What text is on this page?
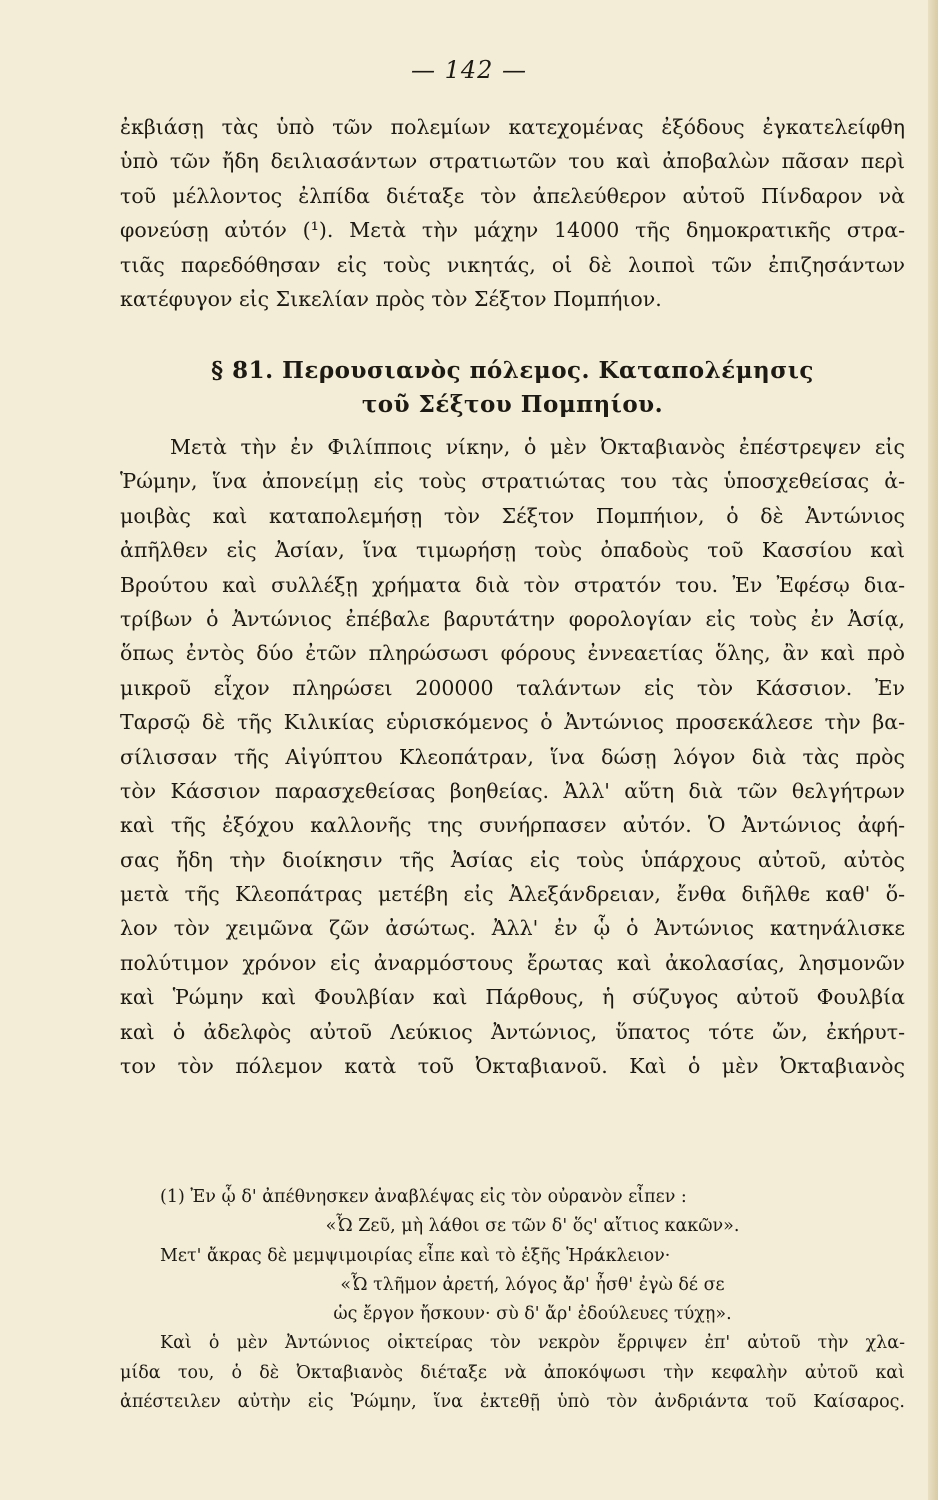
— 142 —
ἐκβιάσῃ τὰς ὑπὸ τῶν πολεμίων κατεχομένας ἐξόδους ἐγκατελείφθη
ὑπὸ τῶν ἤδη δειλιασάντων στρατιωτῶν του καὶ ἀποβαλὼν πᾶσαν περὶ
τοῦ μέλλοντος ἐλπίδα διέταξε τὸν ἀπελεύθερον αὐτοῦ Πίνδαρον νὰ
φονεύσῃ αὐτόν (¹). Μετὰ τὴν μάχην 14000 τῆς δημοκρατικῆς στρα-
τιᾶς παρεδόθησαν εἰς τοὺς νικητάς, οἱ δὲ λοιποὶ τῶν ἐπιζησάντων
κατέφυγον εἰς Σικελίαν πρὸς τὸν Σέξτον Πομπήιον.
§ 81. Περουσιανὸς πόλεμος. Καταπολέμησις
τοῦ Σέξτου Πομπηίου.
Μετὰ τὴν ἐν Φιλίπποις νίκην, ὁ μὲν Ὀκταβιανὸς ἐπέστρεψεν εἰς
Ῥώμην, ἵνα ἀπονείμῃ εἰς τοὺς στρατιώτας του τὰς ὑποσχεθείσας ἀ-
μοιβὰς καὶ καταπολεμήσῃ τὸν Σέξτον Πομπήιον, ὁ δὲ Ἀντώνιος
ἀπῆλθεν εἰς Ἀσίαν, ἵνα τιμωρήσῃ τοὺς ὀπαδοὺς τοῦ Κασσίου καὶ
Βρούτου καὶ συλλέξῃ χρήματα διὰ τὸν στρατόν του. Ἐν Ἐφέσῳ δια-
τρίβων ὁ Ἀντώνιος ἐπέβαλε βαρυτάτην φορολογίαν εἰς τοὺς ἐν Ἀσίᾳ,
ὅπως ἐντὸς δύο ἐτῶν πληρώσωσι φόρους ἐννεαετίας ὅλης, ἂν καὶ πρὸ
μικροῦ εἶχον πληρώσει 200000 ταλάντων εἰς τὸν Κάσσιον. Ἐν
Ταρσῷ δὲ τῆς Κιλικίας εὑρισκόμενος ὁ Ἀντώνιος προσεκάλεσε τὴν βα-
σίλισσαν τῆς Αἰγύπτου Κλεοπάτραν, ἵνα δώσῃ λόγον διὰ τὰς πρὸς
τὸν Κάσσιον παρασχεθείσας βοηθείας. Ἀλλ' αὕτη διὰ τῶν θελγήτρων
καὶ τῆς ἐξόχου καλλονῆς της συνήρπασεν αὐτόν. Ὁ Ἀντώνιος ἀφή-
σας ἤδη τὴν διοίκησιν τῆς Ἀσίας εἰς τοὺς ὑπάρχους αὐτοῦ, αὐτὸς
μετὰ τῆς Κλεοπάτρας μετέβη εἰς Ἀλεξάνδρειαν, ἔνθα διῆλθε καθ' ὅ-
λον τὸν χειμῶνα ζῶν ἀσώτως. Ἀλλ' ἐν ᾧ ὁ Ἀντώνιος κατηνάλισκε
πολύτιμον χρόνον εἰς ἀναρμόστους ἔρωτας καὶ ἀκολασίας, λησμονῶν
καὶ Ῥώμην καὶ Φουλβίαν καὶ Πάρθους, ἡ σύζυγος αὐτοῦ Φουλβία
καὶ ὁ ἀδελφὸς αὐτοῦ Λεύκιος Ἀντώνιος, ὕπατος τότε ὤν, ἐκήρυτ-
τον τὸν πόλεμον κατὰ τοῦ Ὀκταβιανοῦ. Καὶ ὁ μὲν Ὀκταβιανὸς
(1) Ἐν ᾧ δ' ἀπέθνησκεν ἀναβλέψας εἰς τὸν οὐρανὸν εἶπεν :
«Ὦ Ζεῦ, μὴ λάθοι σε τῶν δ' ὅς' αἴτιος κακῶν».
Μετ' ἄκρας δὲ μεμψιμοιρίας εἶπε καὶ τὸ ἑξῆς Ἡράκλειον·
«Ὦ τλῆμον ἀρετή, λόγος ἄρ' ἦσθ' ἐγὼ δέ σε
ὡς ἔργον ἤσκουν· σὺ δ' ἄρ' ἐδούλευες τύχῃ».
Καὶ ὁ μὲν Ἀντώνιος οἰκτείρας τὸν νεκρὸν ἔρριψεν ἐπ' αὐτοῦ τὴν χλα-
μίδα του, ὁ δὲ Ὀκταβιανὸς διέταξε νὰ ἀποκόψωσι τὴν κεφαλὴν αὐτοῦ καὶ
ἀπέστειλεν αὐτὴν εἰς Ῥώμην, ἵνα ἐκτεθῇ ὑπὸ τὸν ἀνδριάντα τοῦ Καίσαρος.
